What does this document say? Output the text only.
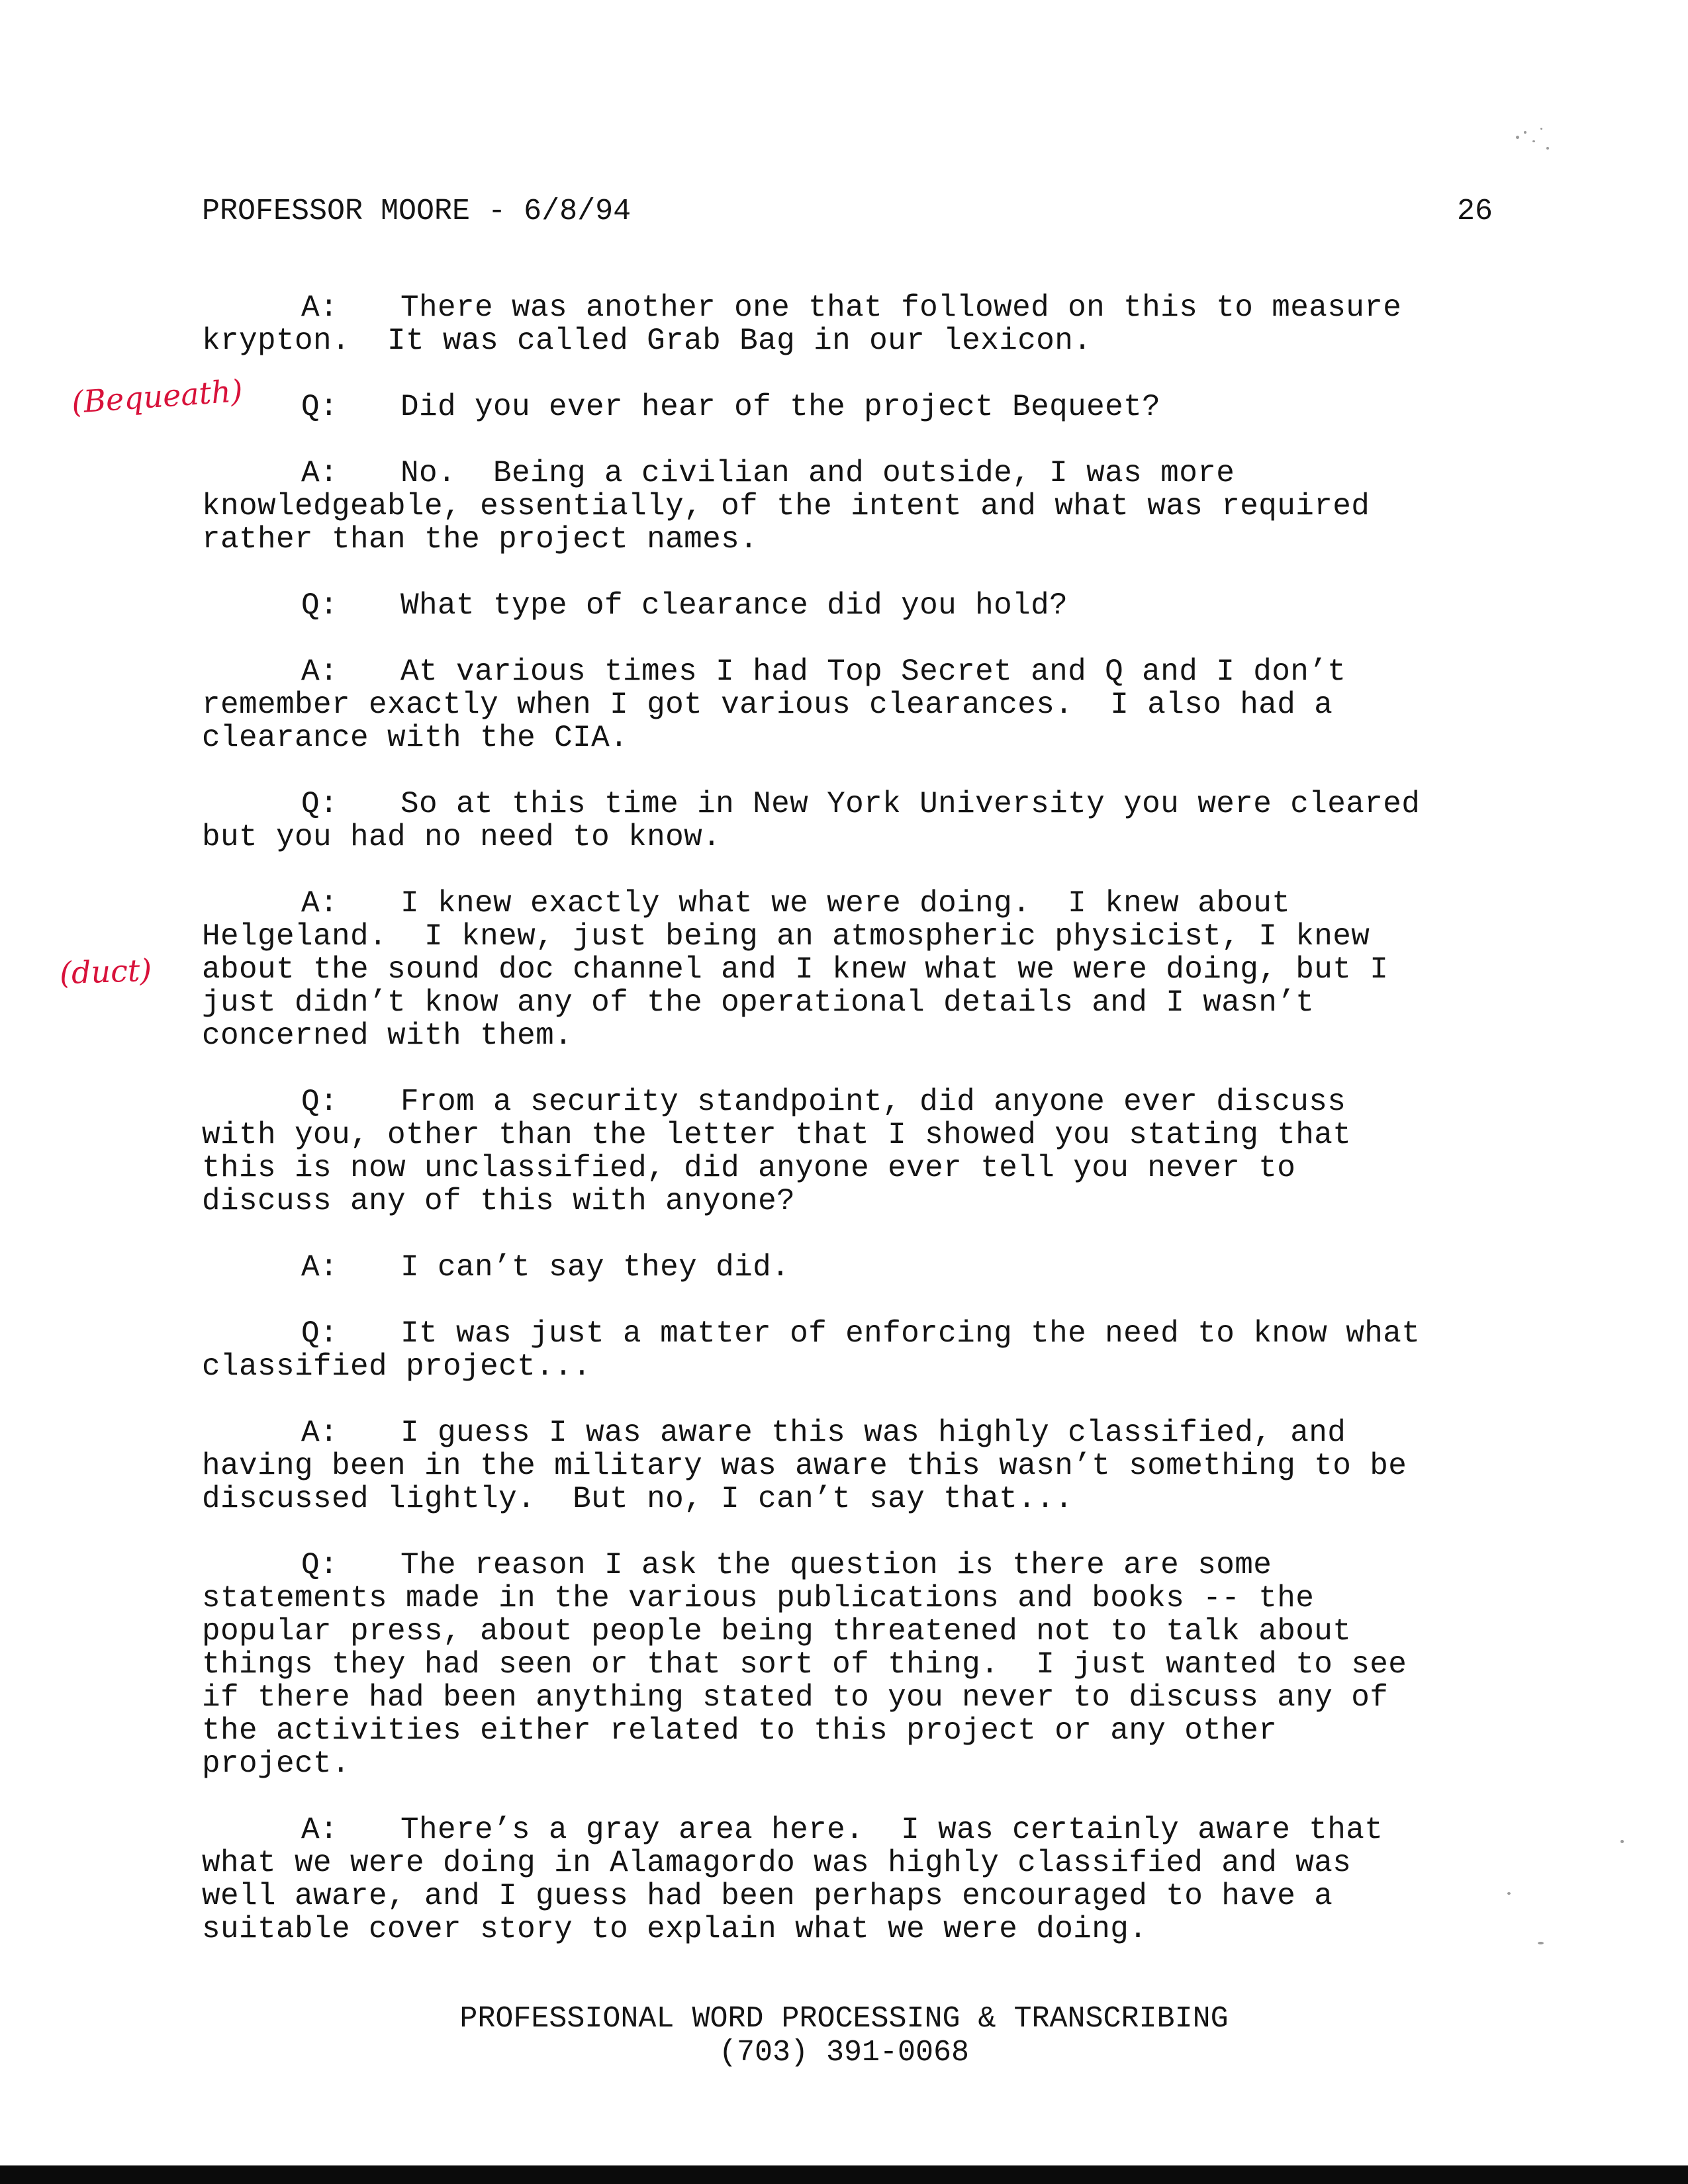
PROFESSOR MOORE - 6/8/94	26
(Bequeath)
(duct)
A: There was another one that followed on this to measure
krypton.  It was called Grab Bag in our lexicon.
Q: Did you ever hear of the project Bequeet?
A: No.  Being a civilian and outside, I was more
knowledgeable, essentially, of the intent and what was required
rather than the project names.
Q: What type of clearance did you hold?
A: At various times I had Top Secret and Q and I don’t
remember exactly when I got various clearances.  I also had a
clearance with the CIA.
Q: So at this time in New York University you were cleared
but you had no need to know.
A: I knew exactly what we were doing.  I knew about
Helgeland.  I knew, just being an atmospheric physicist, I knew
about the sound doc channel and I knew what we were doing, but I
just didn’t know any of the operational details and I wasn’t
concerned with them.
Q: From a security standpoint, did anyone ever discuss
with you, other than the letter that I showed you stating that
this is now unclassified, did anyone ever tell you never to
discuss any of this with anyone?
A: I can’t say they did.
Q: It was just a matter of enforcing the need to know what
classified project...
A: I guess I was aware this was highly classified, and
having been in the military was aware this wasn’t something to be
discussed lightly.  But no, I can’t say that...
Q: The reason I ask the question is there are some
statements made in the various publications and books -- the
popular press, about people being threatened not to talk about
things they had seen or that sort of thing.  I just wanted to see
if there had been anything stated to you never to discuss any of
the activities either related to this project or any other
project.
A: There’s a gray area here.  I was certainly aware that
what we were doing in Alamagordo was highly classified and was
well aware, and I guess had been perhaps encouraged to have a
suitable cover story to explain what we were doing.
PROFESSIONAL WORD PROCESSING & TRANSCRIBING
(703) 391-0068
